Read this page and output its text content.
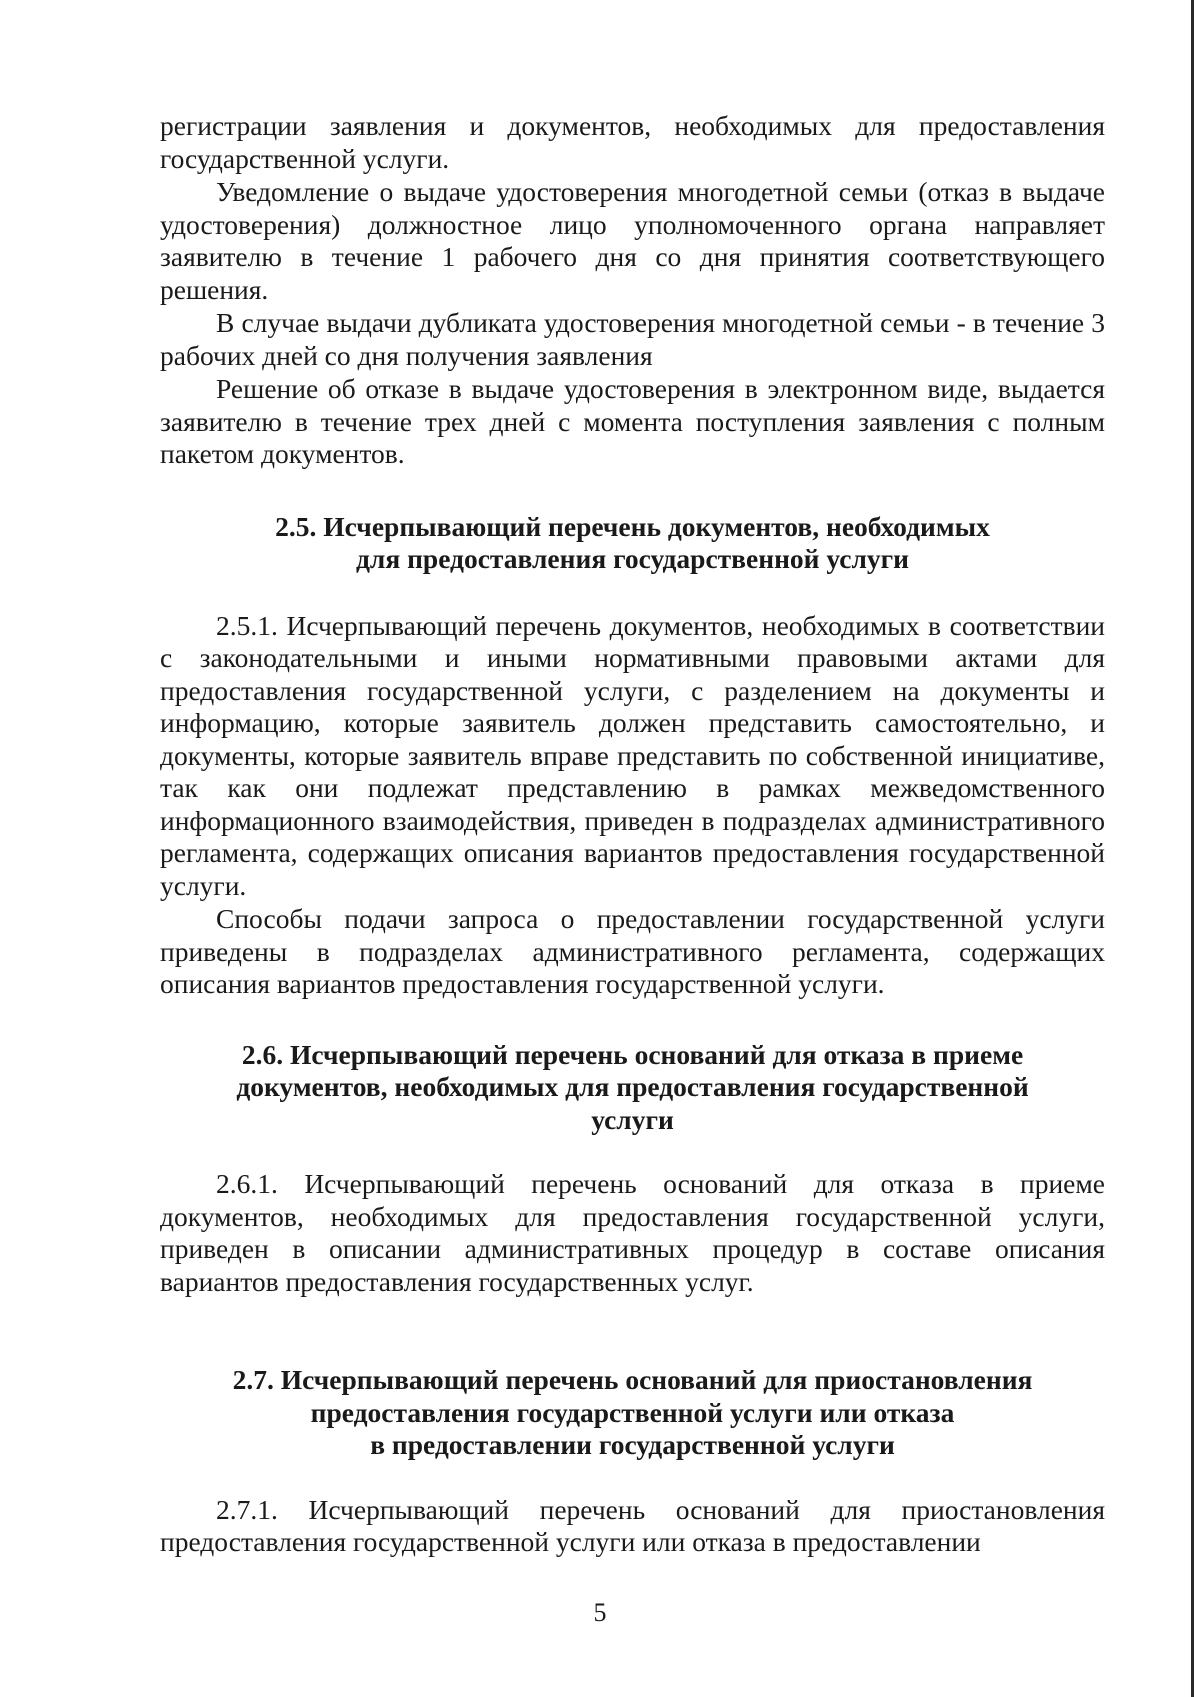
регистрации заявления и документов, необходимых для предоставления государственной услуги.

Уведомление о выдаче удостоверения многодетной семьи (отказ в выдаче удостоверения) должностное лицо уполномоченного органа направляет заявителю в течение 1 рабочего дня со дня принятия соответствующего решения.

В случае выдачи дубликата удостоверения многодетной семьи - в течение 3 рабочих дней со дня получения заявления

Решение об отказе в выдаче удостоверения в электронном виде, выдается заявителю в течение трех дней с момента поступления заявления с полным пакетом документов.

2.5. Исчерпывающий перечень документов, необходимых

для предоставления государственной услуги

2.5.1. Исчерпывающий перечень документов, необходимых в соответствии с законодательными и иными нормативными правовыми актами для предоставления государственной услуги, с разделением на документы и информацию, которые заявитель должен представить самостоятельно, и документы, которые заявитель вправе представить по собственной инициативе, так как они подлежат представлению в рамках межведомственного информационного взаимодействия, приведен в подразделах административного регламента, содержащих описания вариантов предоставления государственной услуги.

Способы подачи запроса о предоставлении государственной услуги приведены в подразделах административного регламента, содержащих описания вариантов предоставления государственной услуги.

2.6. Исчерпывающий перечень оснований для отказа в приеме

документов, необходимых для предоставления государственной

услуги

2.6.1. Исчерпывающий перечень оснований для отказа в приеме документов, необходимых для предоставления государственной услуги, приведен в описании административных процедур в составе описания вариантов предоставления государственных услуг.

2.7. Исчерпывающий перечень оснований для приостановления

предоставления государственной услуги или отказа

в предоставлении государственной услуги

2.7.1. Исчерпывающий перечень оснований для приостановления предоставления государственной услуги или отказа в предоставлении

5
